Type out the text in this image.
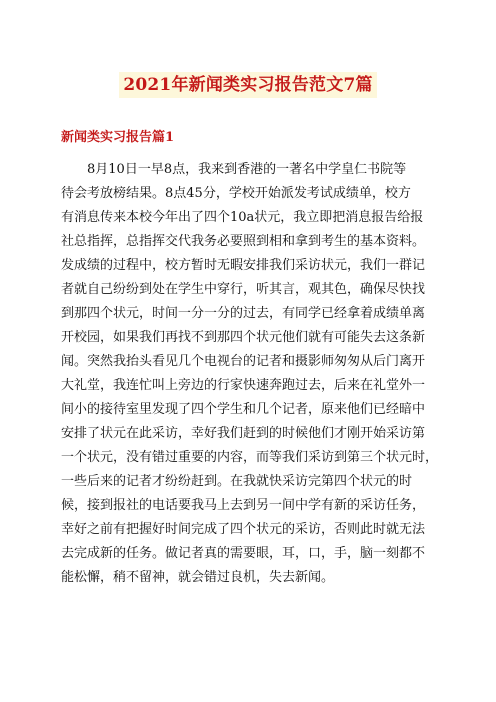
2021年新闻类实习报告范文7篇
新闻类实习报告篇1
8月10日一早8点，我来到香港的一著名中学皇仁书院等
待会考放榜结果。8点45分，学校开始派发考试成绩单，校方
有消息传来本校今年出了四个10a状元，我立即把消息报告给报
社总指挥，总指挥交代我务必要照到相和拿到考生的基本资料。
发成绩的过程中，校方暂时无暇安排我们采访状元，我们一群记
者就自己纷纷到处在学生中穿行，听其言，观其色，确保尽快找
到那四个状元，时间一分一分的过去，有同学已经拿着成绩单离
开校园，如果我们再找不到那四个状元他们就有可能失去这条新
闻。突然我抬头看见几个电视台的记者和摄影师匆匆从后门离开
大礼堂，我连忙叫上旁边的行家快速奔跑过去，后来在礼堂外一
间小的接待室里发现了四个学生和几个记者，原来他们已经暗中
安排了状元在此采访，幸好我们赶到的时候他们才刚开始采访第
一个状元，没有错过重要的内容，而等我们采访到第三个状元时，
一些后来的记者才纷纷赶到。在我就快采访完第四个状元的时
候，接到报社的电话要我马上去到另一间中学有新的采访任务，
幸好之前有把握好时间完成了四个状元的采访，否则此时就无法
去完成新的任务。做记者真的需要眼，耳，口，手，脑一刻都不
能松懈，稍不留神，就会错过良机，失去新闻。
